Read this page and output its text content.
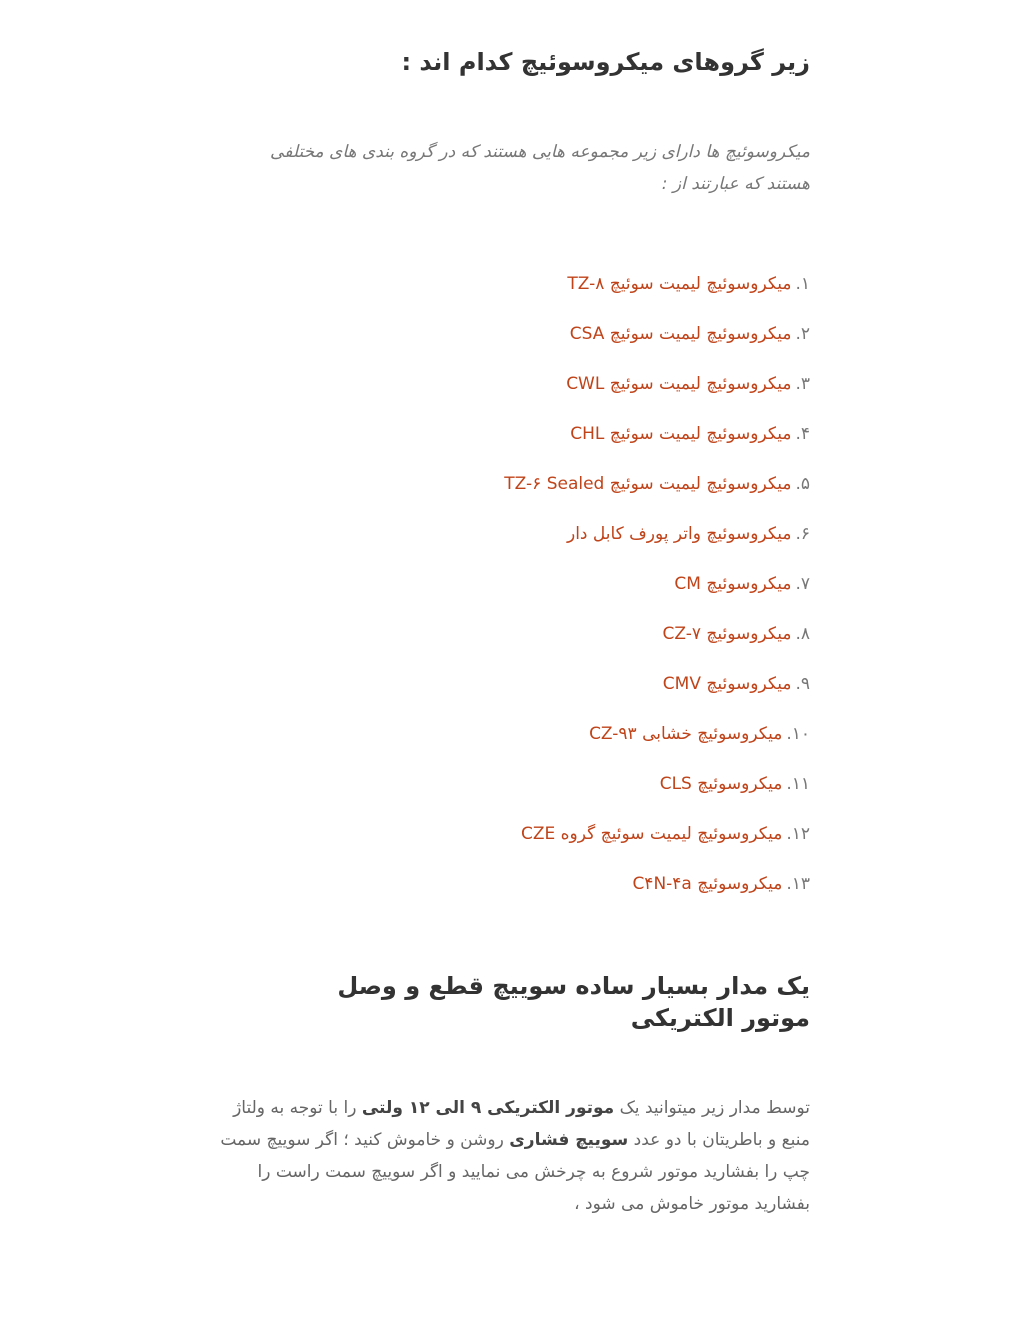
زیر گروهای میکروسوئیچ کدام اند :

میکروسوئیچ ها دارای زیر مجموعه هایی هستند که در گروه بندی های مختلفی هستند که عبارتند از :

۱.میکروسوئیچ لیمیت سوئیچ TZ-۸
۲.میکروسوئیچ لیمیت سوئیچ CSA
۳.میکروسوئیچ لیمیت سوئیچ CWL
۴.میکروسوئیچ لیمیت سوئیچ CHL
۵.میکروسوئیچ لیمیت سوئیچ TZ-۶ Sealed
۶.میکروسوئیچ واتر پورف کابل دار
۷.میکروسوئیچ CM
۸.میکروسوئیچ CZ-۷
۹.میکروسوئیچ CMV
۱۰.میکروسوئیچ خشابی CZ-۹۳
۱۱.میکروسوئیچ CLS
۱۲.میکروسوئیچ لیمیت سوئیچ گروه CZE
۱۳.میکروسوئیچ C۴N-۴a
یک مدار بسیار ساده سوییچ قطع و وصل موتور الکتریکی

توسط مدار زیر میتوانید یک موتور الکتریکی ۹ الی ۱۲ ولتی را با توجه به ولتاژ منبع و باطریتان با دو عدد سوییچ فشاری روشن و خاموش کنید ؛ اگر سوییچ سمت چپ را بفشارید موتور شروع به چرخش می نمایید و اگر سوییچ سمت راست را بفشارید موتور خاموش می شود ،
